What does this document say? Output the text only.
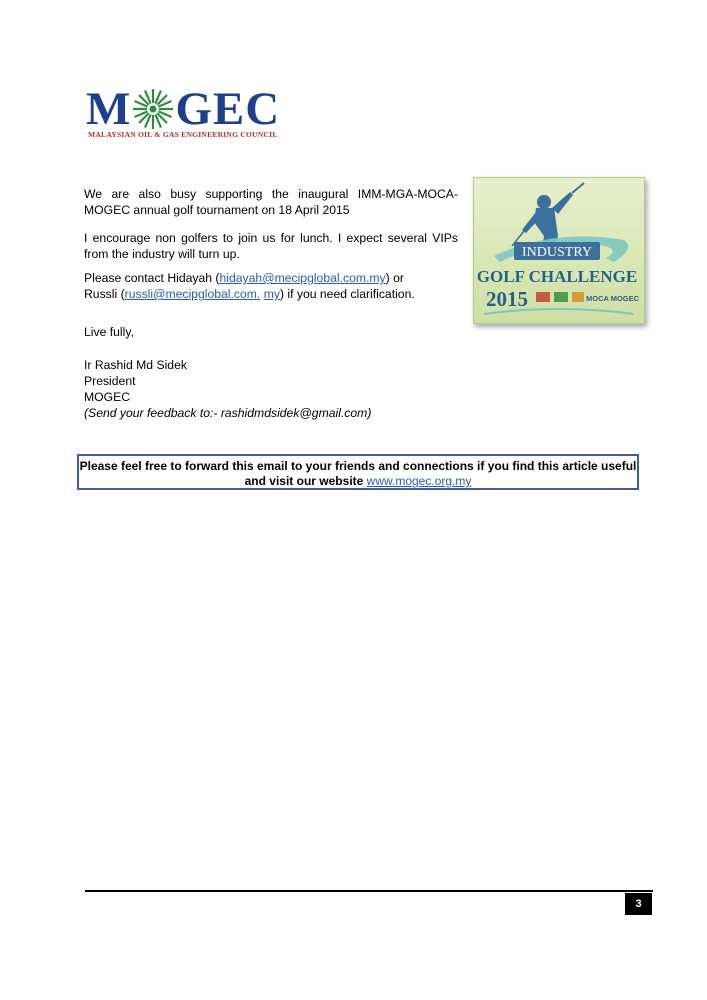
M GEC
MALAYSIAN OIL & GAS ENGINEERING COUNCIL

We are also busy supporting the inaugural IMM-MGA-MOCA-MOGEC annual golf tournament on 18 April 2015

I encourage non golfers to join us for lunch. I expect several VIPs from the industry will turn up.

Please contact Hidayah (hidayah@mecipglobal.com.my) or
Russli (russli@mecipglobal.com. my) if you need clarification.
Live fully,
Ir Rashid Md Sidek
President
MOGEC
(Send your feedback to:- rashidmdsidek@gmail.com)
INDUSTRY
GOLF CHALLENGE
2015	MOCA MOGEC
Please feel free to forward this email to your friends and connections if you find this article useful and visit our website www.mogec.org.my
3
